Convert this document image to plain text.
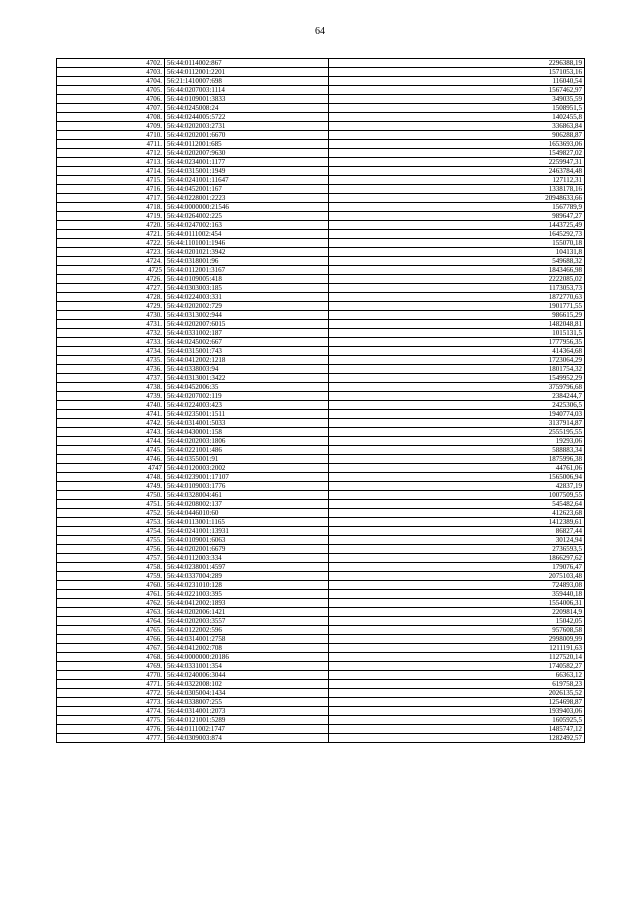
64
4702.	56:44:0114002:867	2296388,19
4703.	56:44:0112001:2201	1571053,16
4704.	56:21:1410007:698	116040,54
4705.	56:44:0207003:1114	1567462,97
4706.	56:44:0109001:3833	349035,59
4707.	56:44:0245008:24	1508951,5
4708.	56:44:0244005:5722	1402455,8
4709.	56:44:0202003:2731	336863,84
4710.	56:44:0202001:6670	906288,87
4711.	56:44:0112001:685	1653693,06
4712.	56:44:0202007:9630	1549827,02
4713.	56:44:0234001:1177	2259947,31
4714.	56:44:0315001:1949	2463784,48
4715.	56:44:0241001:11647	127112,31
4716.	56:44:0452001:167	1338178,16
4717.	56:44:0228001:2223	20948633,66
4718.	56:44:0000000:21546	1567789,9
4719.	56:44:0264002:225	989647,27
4720.	56:44:0247002:163	1443725,49
4721.	56:44:0111002:454	1645292,73
4722.	56:44:1101001:1946	155070,18
4723.	56:44:0201021:3942	104131,8
4724.	56:44:0318001:96	549688,32
4725	56:44:0112001:3167	1843466,98
4726.	56:44:0109005:418	2222085,02
4727.	56:44:0303003:185	1173053,73
4728.	56:44:0224003:331	1872770,63
4729.	56:44:0202002:729	1901771,55
4730.	56:44:0313002:944	986615,29
4731.	56:44:0202007:6015	1482048,81
4732.	56:44:0331002:187	1015131,5
4733.	56:44:0245002:667	1777956,35
4734.	56:44:0315001:743	414364,68
4735.	56:44:0412002:1218	1723064,29
4736.	56:44:0338003:94	1801754,32
4737.	56:44:0313001:3422	1549952,29
4738.	56:44:0452006:35	3759796,68
4739.	56:44:0207002:119	2384244,7
4740.	56:44:0224003:423	2425306,5
4741.	56:44:0235001:1511	1940774,03
4742.	56:44:0314001:5033	3137914,87
4743.	56:44:0430001:158	2555195,55
4744.	56:44:0202003:1806	19293,06
4745.	56:44:0221001:486	588883,34
4746.	56:44:0355001:91	1875996,38
4747	56:44:0120003:2002	44761,06
4748.	56:44:0239001:17107	1565006,94
4749.	56:44:0109003:1776	42837,19
4750.	56:44:0328004:461	1007509,55
4751.	56:44:0208002:137	545482,64
4752.	56:44:0446010:60	412623,68
4753.	56:44:0113001:1165	1412389,61
4754.	56:44:0241001:13931	86827,44
4755.	56:44:0109001:6063	30124,94
4756.	56:44:0202001:6679	2736593,5
4757.	56:44:0112003:334	1866297,62
4758.	56:44:0238001:4597	179076,47
4759.	56:44:0337004:289	2075103,48
4760.	56:44:0231010:128	724893,08
4761.	56:44:0221003:395	359440,18
4762.	56:44:0412002:1893	1554006,31
4763.	56:44:0202006:1421	2209814,9
4764.	56:44:0202003:3557	15042,05
4765.	56:44:0122002:596	957608,58
4766.	56:44:0314001:2758	2998009,99
4767.	56:44:0412002:708	1211191,63
4768.	56:44:0000000:20186	1127520,14
4769.	56:44:0331001:354	1740582,27
4770.	56:44:0240006:3044	66363,12
4771.	56:44:0322008:102	619758,23
4772.	56:44:0305004:1434	2026135,52
4773.	56:44:0338007:255	1254698,87
4774.	56:44:0314001:2073	1939403,06
4775.	56:44:0121001:5289	1605925,5
4776.	56:44:0111002:1747	1485747,12
4777.	56:44:0309003:874	1282492,57
